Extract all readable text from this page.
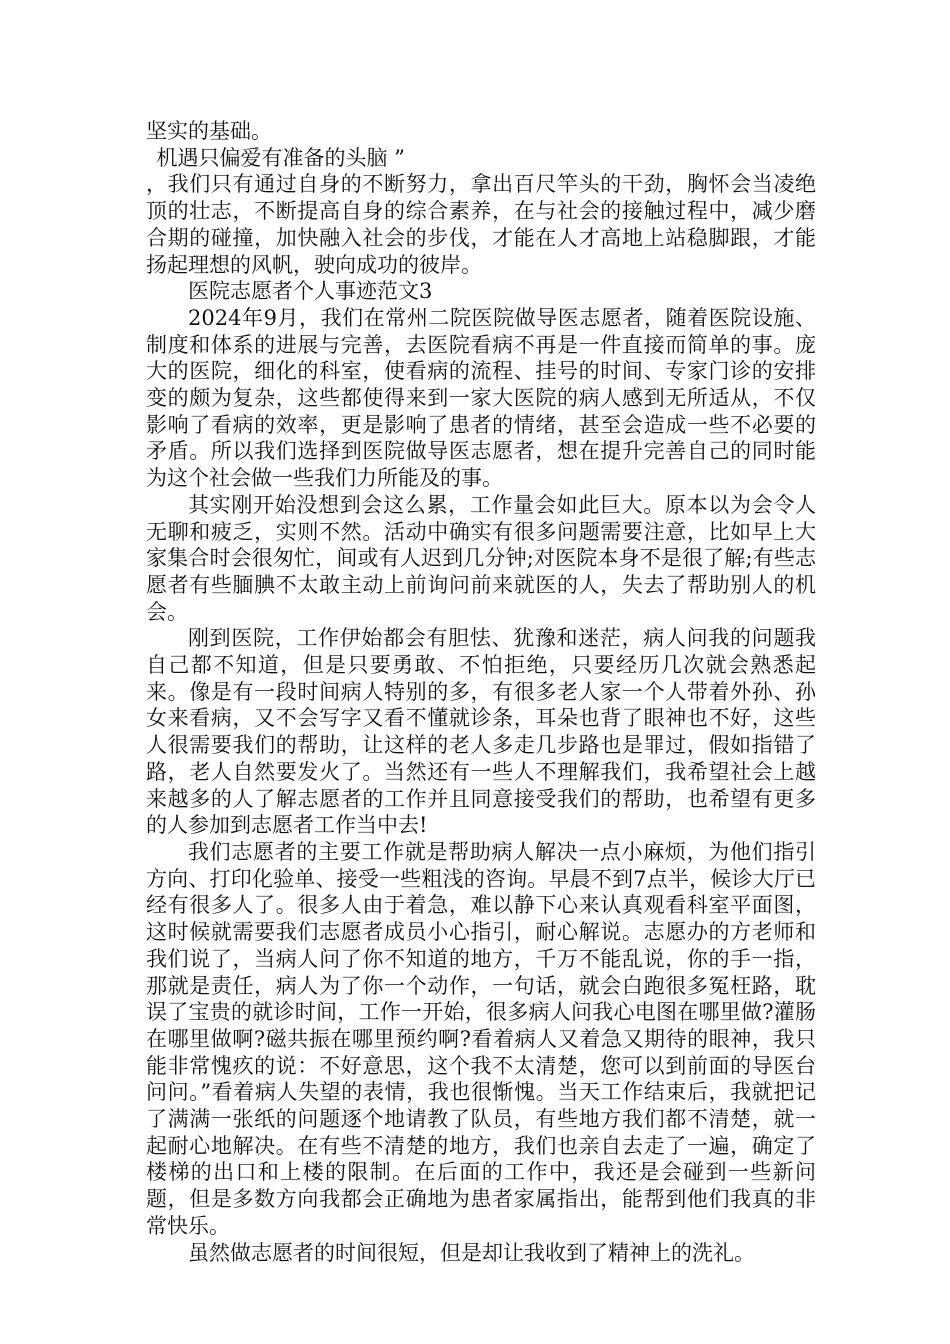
坚实的基础。

机遇只偏爱有准备的头脑 ”

，我们只有通过自身的不断努力，拿出百尺竿头的干劲，胸怀会当凌绝顶的壮志，不断提高自身的综合素养，在与社会的接触过程中，减少磨合期的碰撞，加快融入社会的步伐，才能在人才高地上站稳脚跟，才能扬起理想的风帆，驶向成功的彼岸。

医院志愿者个人事迹范文3

2024年9月，我们在常州二院医院做导医志愿者，随着医院设施、制度和体系的进展与完善，去医院看病不再是一件直接而简单的事。庞大的医院，细化的科室，使看病的流程、挂号的时间、专家门诊的安排变的颇为复杂，这些都使得来到一家大医院的病人感到无所适从，不仅影响了看病的效率，更是影响了患者的情绪，甚至会造成一些不必要的矛盾。所以我们选择到医院做导医志愿者，想在提升完善自己的同时能为这个社会做一些我们力所能及的事。

其实刚开始没想到会这么累，工作量会如此巨大。原本以为会令人无聊和疲乏，实则不然。活动中确实有很多问题需要注意，比如早上大家集合时会很匆忙，间或有人迟到几分钟;对医院本身不是很了解;有些志愿者有些腼腆不太敢主动上前询问前来就医的人，失去了帮助别人的机会。

刚到医院，工作伊始都会有胆怯、犹豫和迷茫，病人问我的问题我自己都不知道，但是只要勇敢、不怕拒绝，只要经历几次就会熟悉起来。像是有一段时间病人特别的多，有很多老人家一个人带着外孙、孙女来看病，又不会写字又看不懂就诊条，耳朵也背了眼神也不好，这些人很需要我们的帮助，让这样的老人多走几步路也是罪过，假如指错了路，老人自然要发火了。当然还有一些人不理解我们，我希望社会上越来越多的人了解志愿者的工作并且同意接受我们的帮助，也希望有更多的人参加到志愿者工作当中去!

我们志愿者的主要工作就是帮助病人解决一点小麻烦，为他们指引方向、打印化验单、接受一些粗浅的咨询。早晨不到7点半，候诊大厅已经有很多人了。很多人由于着急，难以静下心来认真观看科室平面图，这时候就需要我们志愿者成员小心指引，耐心解说。志愿办的方老师和我们说了，当病人问了你不知道的地方，千万不能乱说，你的手一指，那就是责任，病人为了你一个动作，一句话，就会白跑很多冤枉路，耽误了宝贵的就诊时间，工作一开始，很多病人问我心电图在哪里做?灌肠在哪里做啊?磁共振在哪里预约啊?看着病人又着急又期待的眼神，我只能非常愧疚的说：不好意思，这个我不太清楚，您可以到前面的导医台问问。”看着病人失望的表情，我也很惭愧。当天工作结束后，我就把记了满满一张纸的问题逐个地请教了队员，有些地方我们都不清楚，就一起耐心地解决。在有些不清楚的地方，我们也亲自去走了一遍，确定了楼梯的出口和上楼的限制。在后面的工作中，我还是会碰到一些新问题，但是多数方向我都会正确地为患者家属指出，能帮到他们我真的非常快乐。

虽然做志愿者的时间很短，但是却让我收到了精神上的洗礼。
